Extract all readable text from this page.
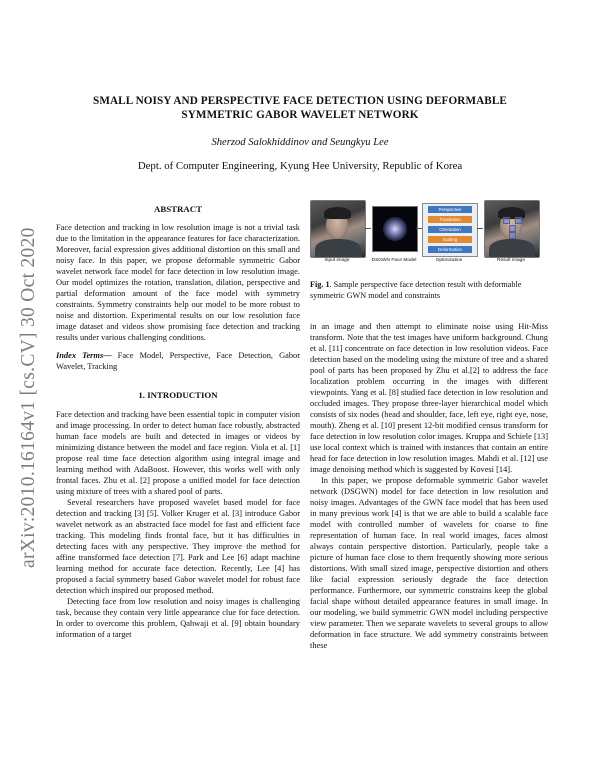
arXiv:2010.16164v1 [cs.CV] 30 Oct 2020
SMALL NOISY AND PERSPECTIVE FACE DETECTION USING DEFORMABLE
SYMMETRIC GABOR WAVELET NETWORK
Sherzod Salokhiddinov and Seungkyu Lee
Dept. of Computer Engineering, Kyung Hee University, Republic of Korea
ABSTRACT

Face detection and tracking in low resolution image is not a trivial task due to the limitation in the appearance features for face characterization. Moreover, facial expression gives additional distortion on this small and noisy face. In this paper, we propose deformable symmetric Gabor wavelet network face model for face detection in low resolution image. Our model optimizes the rotation, translation, dilation, perspective and partial deformation amount of the face model with symmetry constraints. Symmetry constraints help our model to be more robust to noise and distortion. Experimental results on our low resolution face image dataset and videos show promising face detection and tracking results under various challenging conditions.

Index Terms— Face Model, Perspective, Face Detection, Gabor Wavelet, Tracking

1. INTRODUCTION

Face detection and tracking have been essential topic in computer vision and image processing. In order to detect human face robustly, abstracted human face models are built and detected in images or videos by minimizing distance between the model and face region. Viola et al. [1] propose real time face detection algorithm using integral image and learning method with AdaBoost. However, this works well with only frontal faces. Zhu et al. [2] propose a unified model for face detection using mixture of trees with a shared pool of parts.

Several researchers have proposed wavelet based model for face detection and tracking [3] [5]. Volker Kruger et al. [3] introduce Gabor wavelet network as an abstracted face model for fast and efficient face tracking. This modeling finds frontal face, but it has difficulties in detecting faces with any perspective. They improve the method for affine transformed face detection [7]. Park and Lee [6] adapt machine learning method for accurate face detection. Recently, Lee [4] has proposed a facial symmetry based Gabor wavelet model for robust face detection which inspired our proposed method.

Detecting face from low resolution and noisy images is challenging task, because they contain very little appearance clue for face detection. In order to overcome this problem, Qahwaji et al. [9] obtain boundary information of a target

Input image	DSGWN Face Model
Perspective
Translation
Orientation
Scaling
Deformation
Optimization	Result image
Fig. 1. Sample perspective face detection result with deformable symmetric GWN model and constraints

in an image and then attempt to eliminate noise using Hit-Miss transform. Note that the test images have uniform background. Chung et al. [11] concentrate on face detection in low resolution videos. Face detection based on the modeling using the mixture of tree and a shared pool of parts has been proposed by Zhu et al.[2] to address the face localization problem occurring in the images with different viewpoints. Yang et al. [8] studied face detection in low resolution and occluded images. They propose three-layer hierarchical model which consists of six nodes (head and shoulder, face, left eye, right eye, nose, mouth). Zheng et al. [10] present 12-bit modified census transform for face detection in low resolution color images. Kruppa and Schiele [13] use local context which is trained with instances that contain an entire head for face detection in low resolution images. Mahdi et al. [12] use image denoising method which is suggested by Kovesi [14].

In this paper, we propose deformable symmetric Gabor wavelet network (DSGWN) model for face detection in low resolution and noisy images. Advantages of the GWN face model that has been used in many previous work [4] is that we are able to build a scalable face model with controlled number of wavelets for coarse to fine representation of human face. In real world images, faces almost always contain perspective distortion. Particularly, people take a picture of human face close to them frequently showing more serious distortions. With small sized image, perspective distortion and others like facial expression seriously degrade the face detection performance. Furthermore, our symmetric constrains keep the global facial shape without detailed appearance features in small image. In our modeling, we build symmetric GWN model including perspective view parameter. Then we separate wavelets to several groups to allow deformation in face structure. We add symmetry constraints between these
